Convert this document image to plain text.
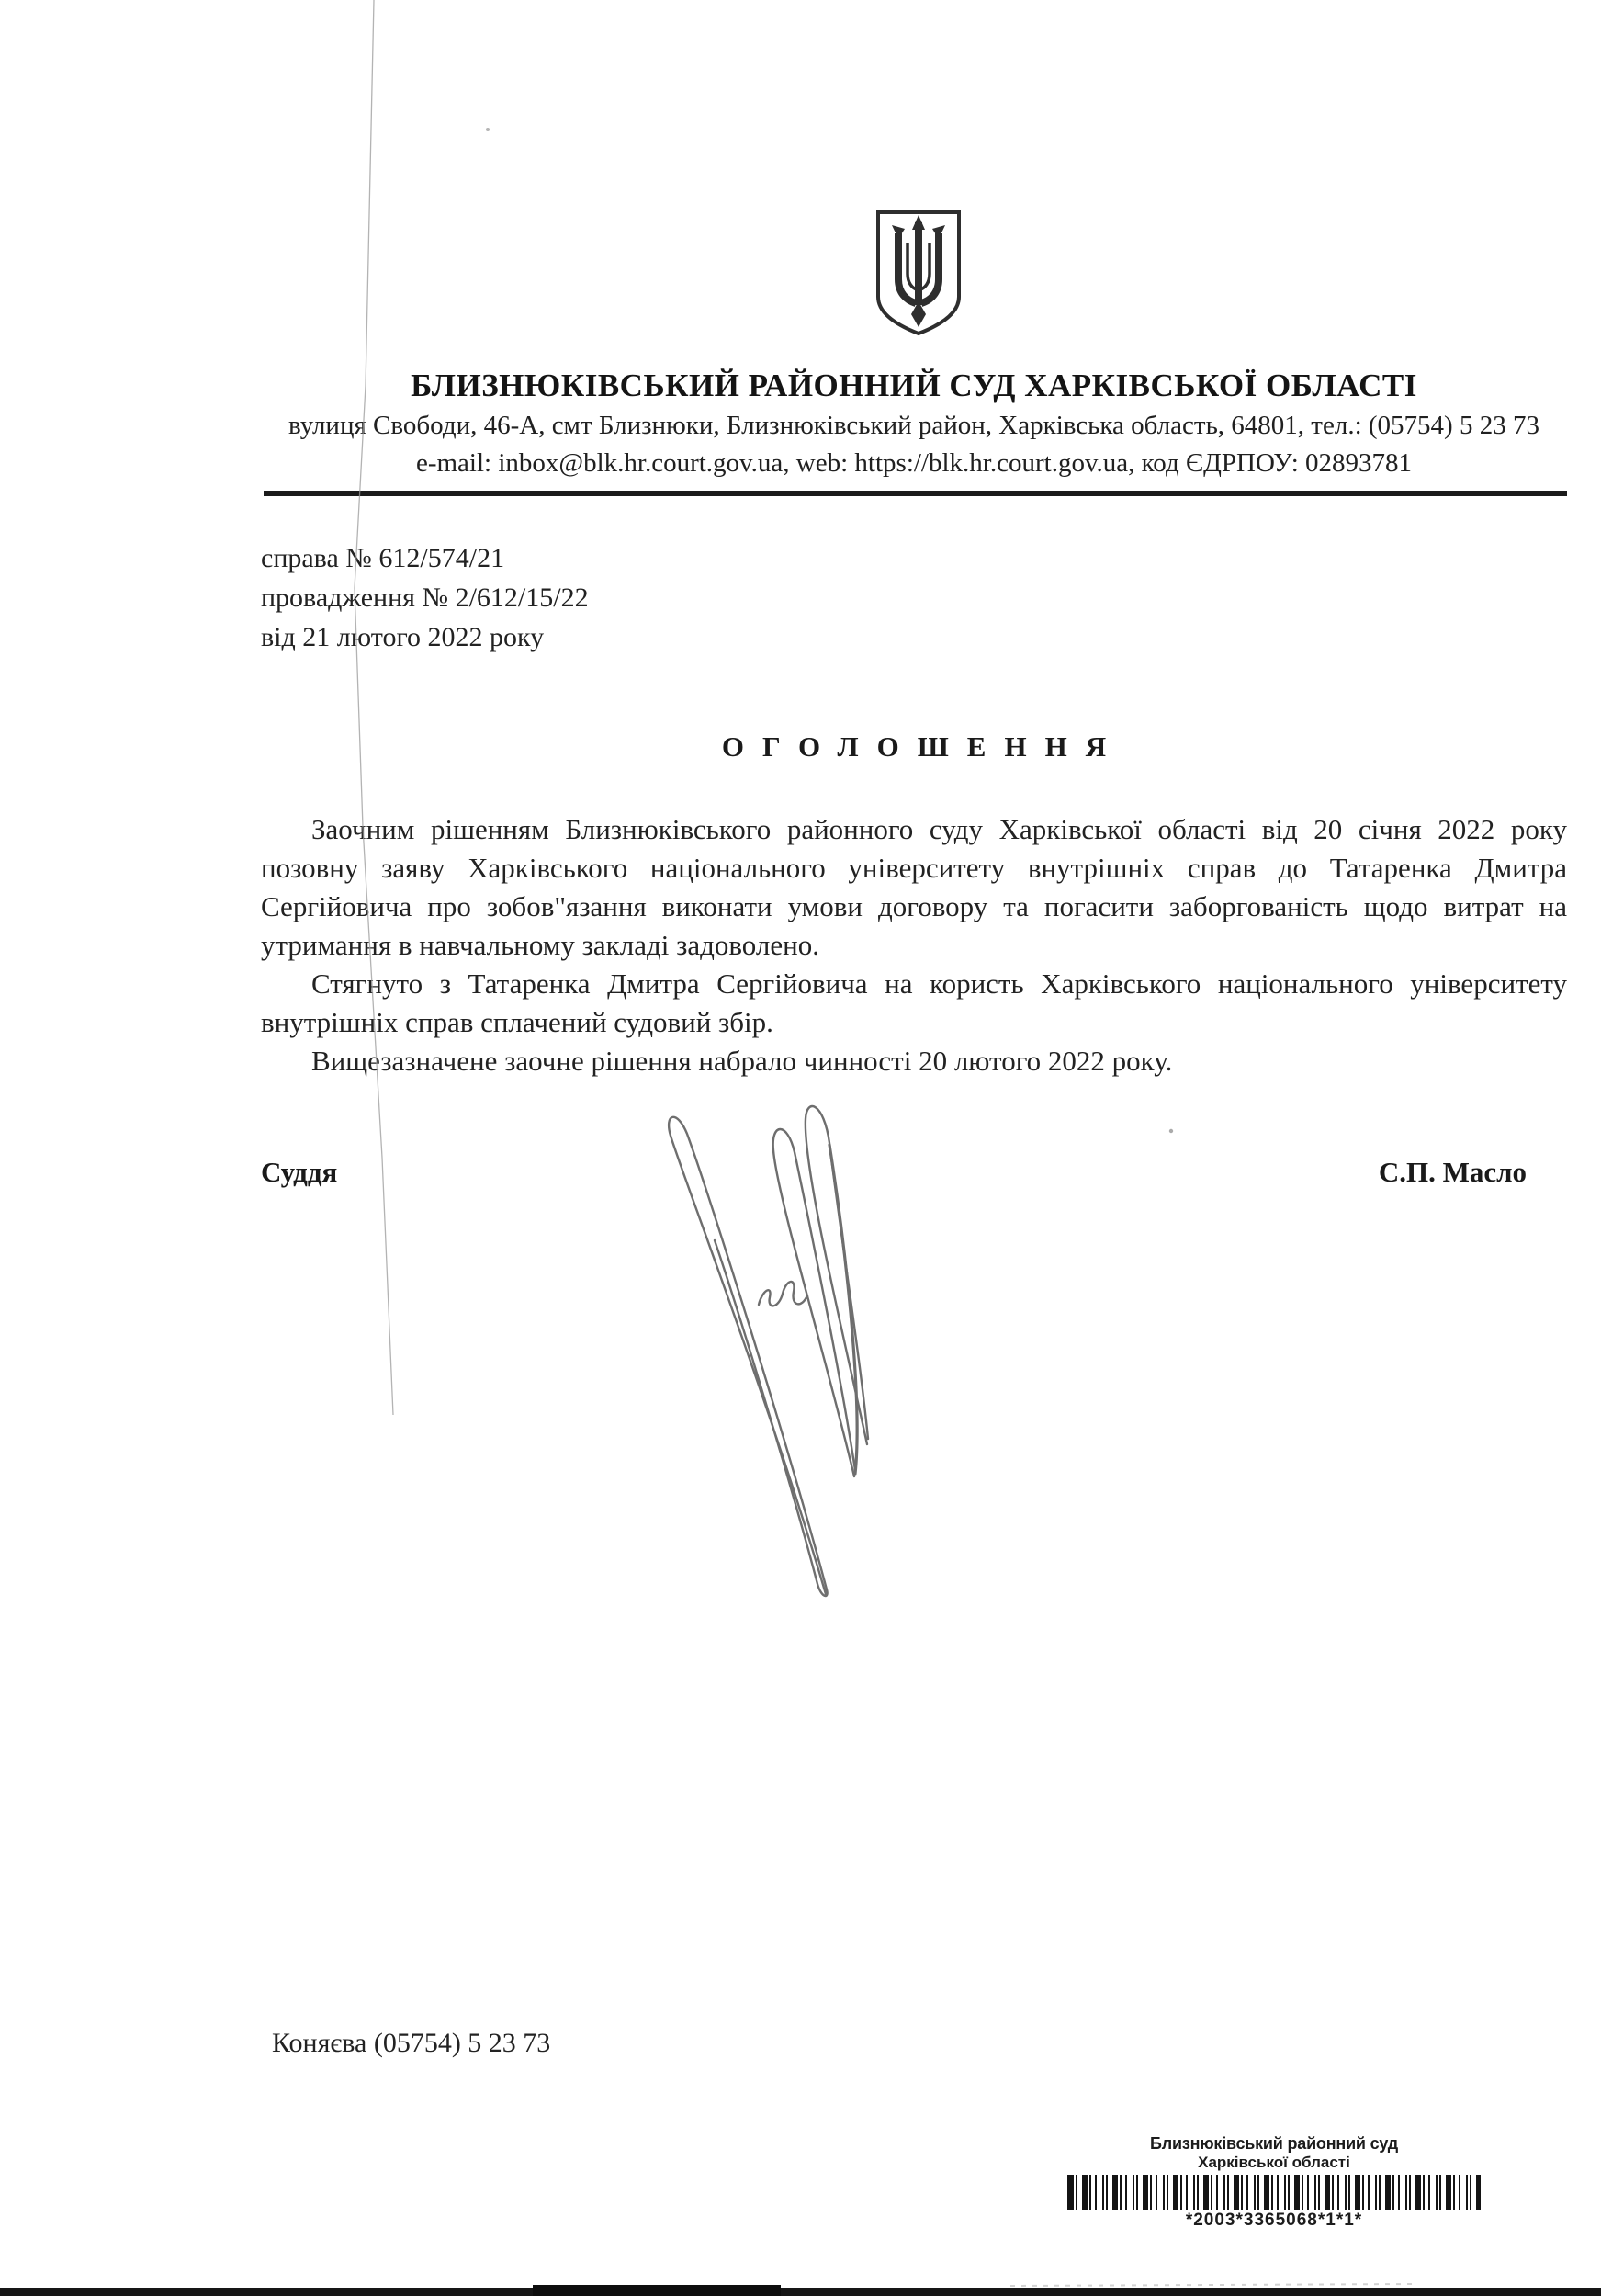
БЛИЗНЮКІВСЬКИЙ РАЙОННИЙ СУД ХАРКІВСЬКОЇ ОБЛАСТІ
вулиця Свободи, 46-А, смт Близнюки, Близнюківський район, Харківська область, 64801, тел.: (05754) 5 23 73
e-mail: inbox@blk.hr.court.gov.ua, web: https://blk.hr.court.gov.ua, код ЄДРПОУ: 02893781
справа № 612/574/21
провадження № 2/612/15/22
від 21 лютого 2022 року
ОГОЛОШЕННЯ

Заочним рішенням Близнюківського районного суду Харківської області від 20 січня 2022 року позовну заяву Харківського національного університету внутрішніх справ до Татаренка Дмитра Сергійовича про зобов"язання виконати умови договору та погасити заборгованість щодо витрат на утримання в навчальному закладі задоволено.

Стягнуто з Татаренка Дмитра Сергійовича на користь Харківського національного університету внутрішніх справ сплачений судовий збір.

Вищезазначене заочне рішення набрало чинності 20 лютого 2022 року.

Суддя	С.П. Масло
Коняєва (05754) 5 23 73
Близнюківський районний суд
Харківської області
*2003*3365068*1*1*
